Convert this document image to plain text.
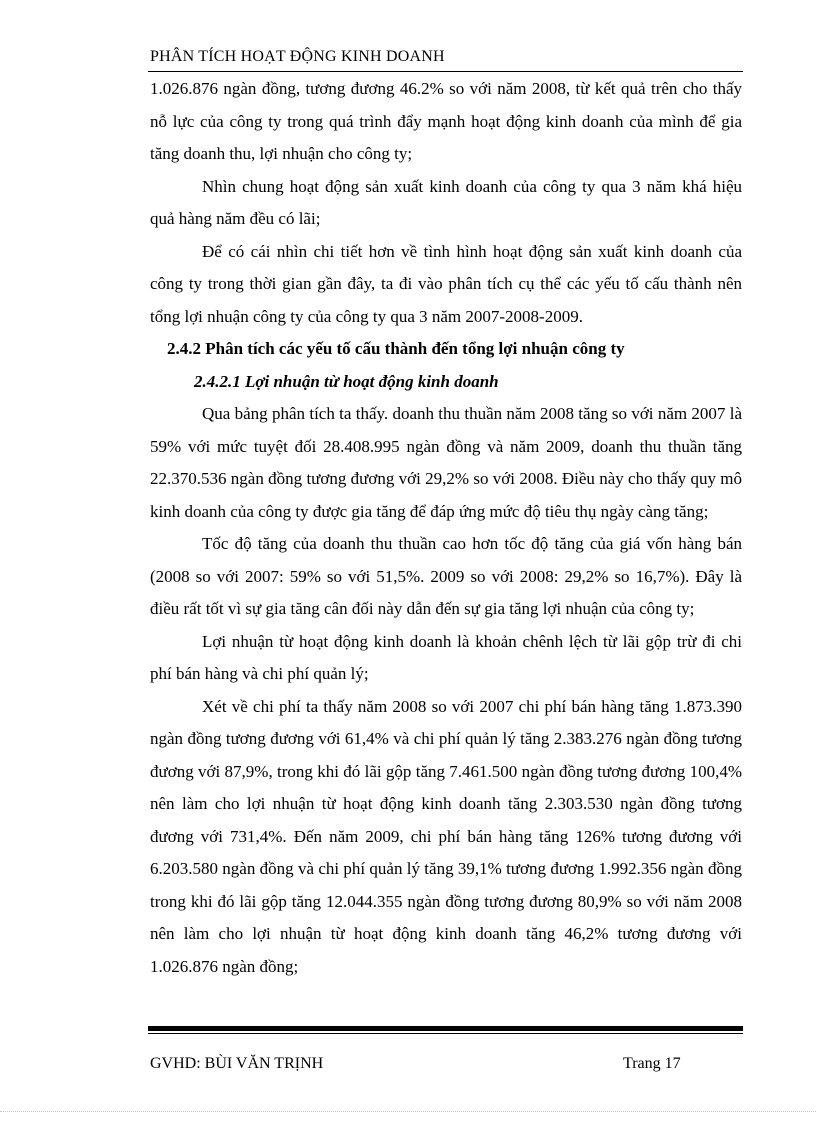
PHÂN TÍCH HOẠT ĐỘNG KINH DOANH

1.026.876 ngàn đồng, tương đương 46.2% so với năm 2008, từ kết quả trên cho thấy nỗ lực của công ty trong quá trình đẩy mạnh hoạt động kinh doanh của mình để gia tăng doanh thu, lợi nhuận cho công ty;

Nhìn chung hoạt động sản xuất kinh doanh của công ty qua 3 năm khá hiệu quả hàng năm đều có lãi;

Để có cái nhìn chi tiết hơn về tình hình hoạt động sản xuất kinh doanh của công ty trong thời gian gần đây, ta đi vào phân tích cụ thể các yếu tố cấu thành nên tổng lợi nhuận công ty của công ty qua 3 năm 2007-2008-2009.

2.4.2 Phân tích các yếu tố cấu thành đến tổng lợi nhuận công ty

2.4.2.1 Lợi nhuận từ hoạt động kinh doanh

Qua bảng phân tích ta thấy. doanh thu thuần năm 2008 tăng so với năm 2007 là 59% với mức tuyệt đối 28.408.995 ngàn đồng và năm 2009, doanh thu thuần tăng 22.370.536 ngàn đồng tương đương với 29,2% so với 2008. Điều này cho thấy quy mô kinh doanh của công ty được gia tăng để đáp ứng mức độ tiêu thụ ngày càng tăng;

Tốc độ tăng của doanh thu thuần cao hơn tốc độ tăng của giá vốn hàng bán (2008 so với 2007: 59% so với 51,5%. 2009 so với 2008: 29,2% so 16,7%). Đây là điều rất tốt vì sự gia tăng cân đối này dẫn đến sự gia tăng lợi nhuận của công ty;

Lợi nhuận từ hoạt động kinh doanh là khoản chênh lệch từ lãi gộp trừ đi chi phí bán hàng và chi phí quản lý;

Xét về chi phí ta thấy năm 2008 so với 2007 chi phí bán hàng tăng 1.873.390 ngàn đồng tương đương với 61,4% và chi phí quản lý tăng 2.383.276 ngàn đồng tương đương với 87,9%, trong khi đó lãi gộp tăng 7.461.500 ngàn đồng tương đương 100,4% nên làm cho lợi nhuận từ hoạt động kinh doanh tăng 2.303.530 ngàn đồng tương đương với 731,4%. Đến năm 2009, chi phí bán hàng tăng 126% tương đương với 6.203.580 ngàn đồng và chi phí quản lý tăng 39,1% tương đương 1.992.356 ngàn đồng trong khi đó lãi gộp tăng 12.044.355 ngàn đồng tương đương 80,9% so với năm 2008 nên làm cho lợi nhuận từ hoạt động kinh doanh tăng 46,2% tương đương với 1.026.876 ngàn đồng;

GVHD: BÙI VĂN TRỊNH	Trang 17
